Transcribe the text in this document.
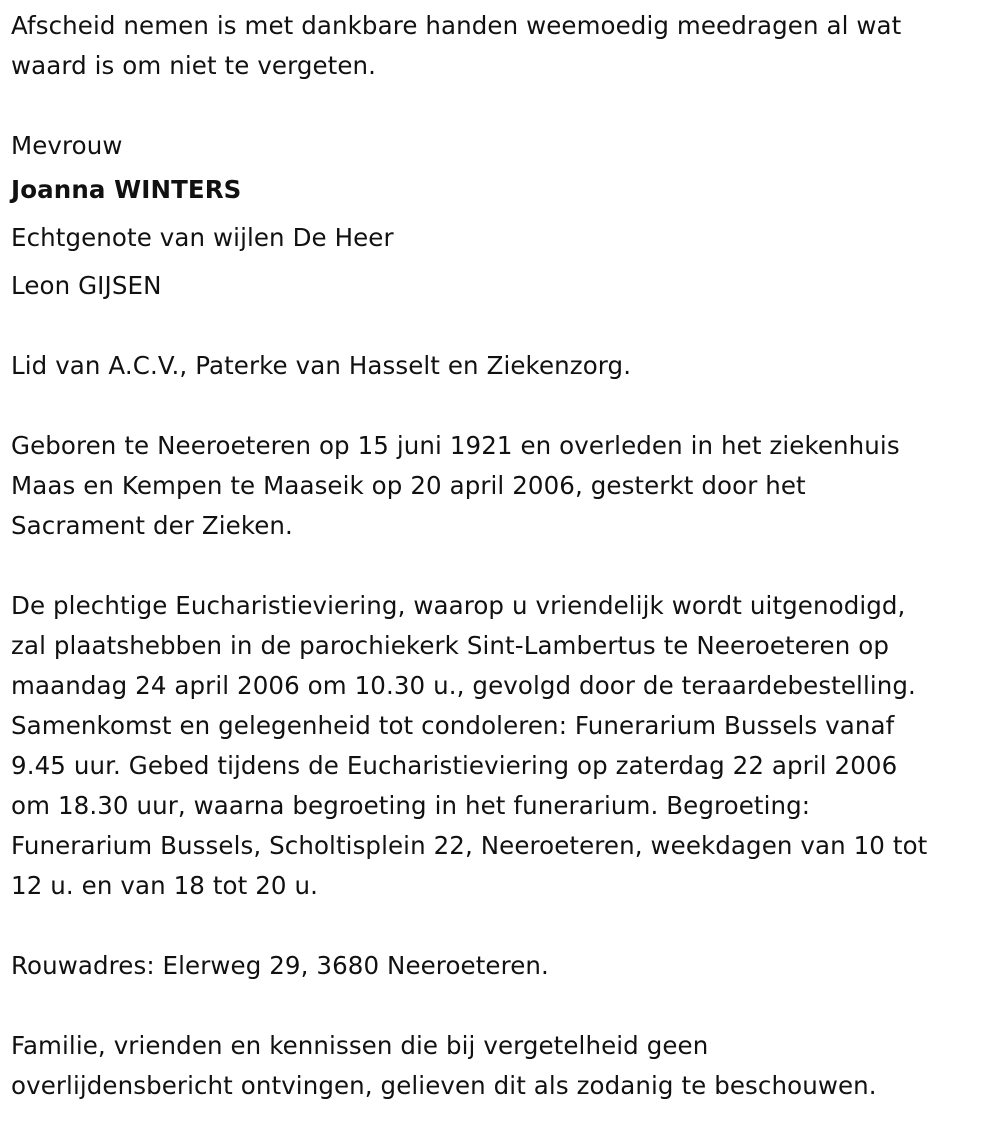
Afscheid nemen is met dankbare handen weemoedig meedragen al wat
waard is om niet te vergeten.
Mevrouw
Joanna WINTERS
Echtgenote van wijlen De Heer
Leon GIJSEN
Lid van A.C.V., Paterke van Hasselt en Ziekenzorg.
Geboren te Neeroeteren op 15 juni 1921 en overleden in het ziekenhuis
Maas en Kempen te Maaseik op 20 april 2006, gesterkt door het
Sacrament der Zieken.
De plechtige Eucharistieviering, waarop u vriendelijk wordt uitgenodigd,
zal plaatshebben in de parochiekerk Sint-Lambertus te Neeroeteren op
maandag 24 april 2006 om 10.30 u., gevolgd door de teraardebestelling.
Samenkomst en gelegenheid tot condoleren: Funerarium Bussels vanaf
9.45 uur. Gebed tijdens de Eucharistieviering op zaterdag 22 april 2006
om 18.30 uur, waarna begroeting in het funerarium. Begroeting:
Funerarium Bussels, Scholtisplein 22, Neeroeteren, weekdagen van 10 tot
12 u. en van 18 tot 20 u.
Rouwadres: Elerweg 29, 3680 Neeroeteren.
Familie, vrienden en kennissen die bij vergetelheid geen
overlijdensbericht ontvingen, gelieven dit als zodanig te beschouwen.
